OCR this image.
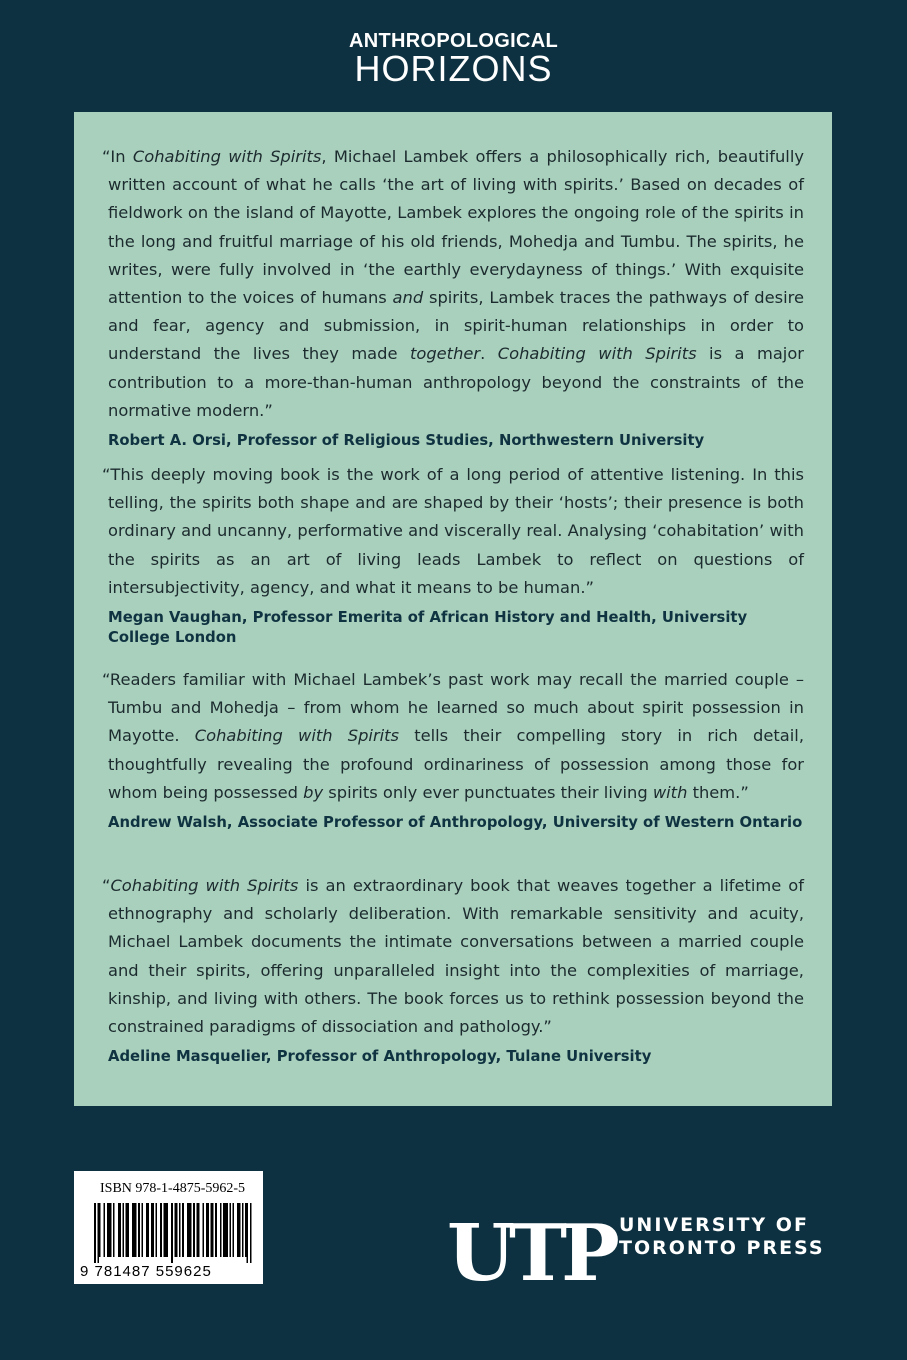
ANTHROPOLOGICAL
HORIZONS
“In Cohabiting with Spirits, Michael Lambek offers a philosophically rich, beautifully written account of what he calls ‘the art of living with spirits.’ Based on decades of fieldwork on the island of Mayotte, Lambek explores the ongoing role of the spirits in the long and fruitful marriage of his old friends, Mohedja and Tumbu. The spirits, he writes, were fully involved in ‘the earthly everydayness of things.’ With exquisite attention to the voices of humans and spirits, Lambek traces the pathways of desire and fear, agency and submission, in spirit-human relationships in order to understand the lives they made together. Cohabiting with Spirits is a major contribution to a more-than-human anthropology beyond the constraints of the normative modern.”
Robert A. Orsi, Professor of Religious Studies, Northwestern University
“This deeply moving book is the work of a long period of attentive listening. In this telling, the spirits both shape and are shaped by their ‘hosts’; their presence is both ordinary and uncanny, performative and viscerally real. Analysing ‘cohabitation’ with the spirits as an art of living leads Lambek to reflect on questions of intersubjectivity, agency, and what it means to be human.”
Megan Vaughan, Professor Emerita of African History and Health, University College London
“Readers familiar with Michael Lambek’s past work may recall the married couple – Tumbu and Mohedja – from whom he learned so much about spirit possession in Mayotte. Cohabiting with Spirits tells their compelling story in rich detail, thoughtfully revealing the profound ordinariness of possession among those for whom being possessed by spirits only ever punctuates their living with them.”
Andrew Walsh, Associate Professor of Anthropology, University of Western Ontario
“Cohabiting with Spirits is an extraordinary book that weaves together a lifetime of ethnography and scholarly deliberation. With remarkable sensitivity and acuity, Michael Lambek documents the intimate conversations between a married couple and their spirits, offering unparalleled insight into the complexities of marriage, kinship, and living with others. The book forces us to rethink possession beyond the constrained paradigms of dissociation and pathology.”
Adeline Masquelier, Professor of Anthropology, Tulane University
ISBN 978-1-4875-5962-5
9 781487 559625	UTP UNIVERSITY OF
TORONTO PRESS
